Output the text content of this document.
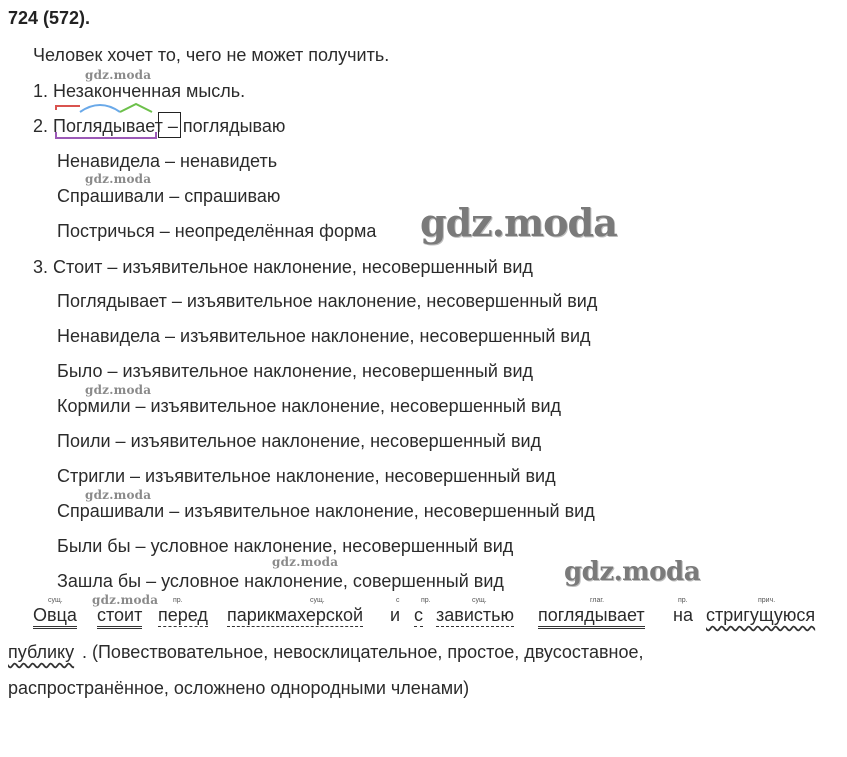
724 (572).
Человек хочет то, чего не может получить.
gdz.moda
1. Незаконченная мысль.
2. Поглядывает – поглядываю
Ненавидела – ненавидеть
gdz.moda
Спрашивали – спрашиваю
Постричься – неопределённая форма gdz.moda
3. Стоит – изъявительное наклонение, несовершенный вид
Поглядывает – изъявительное наклонение, несовершенный вид
Ненавидела – изъявительное наклонение, несовершенный вид
Было – изъявительное наклонение, несовершенный вид
gdz.moda
Кормили – изъявительное наклонение, несовершенный вид
Поили – изъявительное наклонение, несовершенный вид
Стригли – изъявительное наклонение, несовершенный вид
gdz.moda
Спрашивали – изъявительное наклонение, несовершенный вид
Были бы – условное наклонение, несовершенный вид
gdz.moda
Зашла бы – условное наклонение, совершенный вид gdz.moda
gdz.moda
сущ.	пр.	сущ.	с	пр.	сущ.	глаг.	пр.	прич.
Овца стоит перед парикмахерской и с завистью поглядывает на стригущуюся
публику . (Повествовательное, невосклицательное, простое, двусоставное,
распространённое, осложнено однородными членами)
